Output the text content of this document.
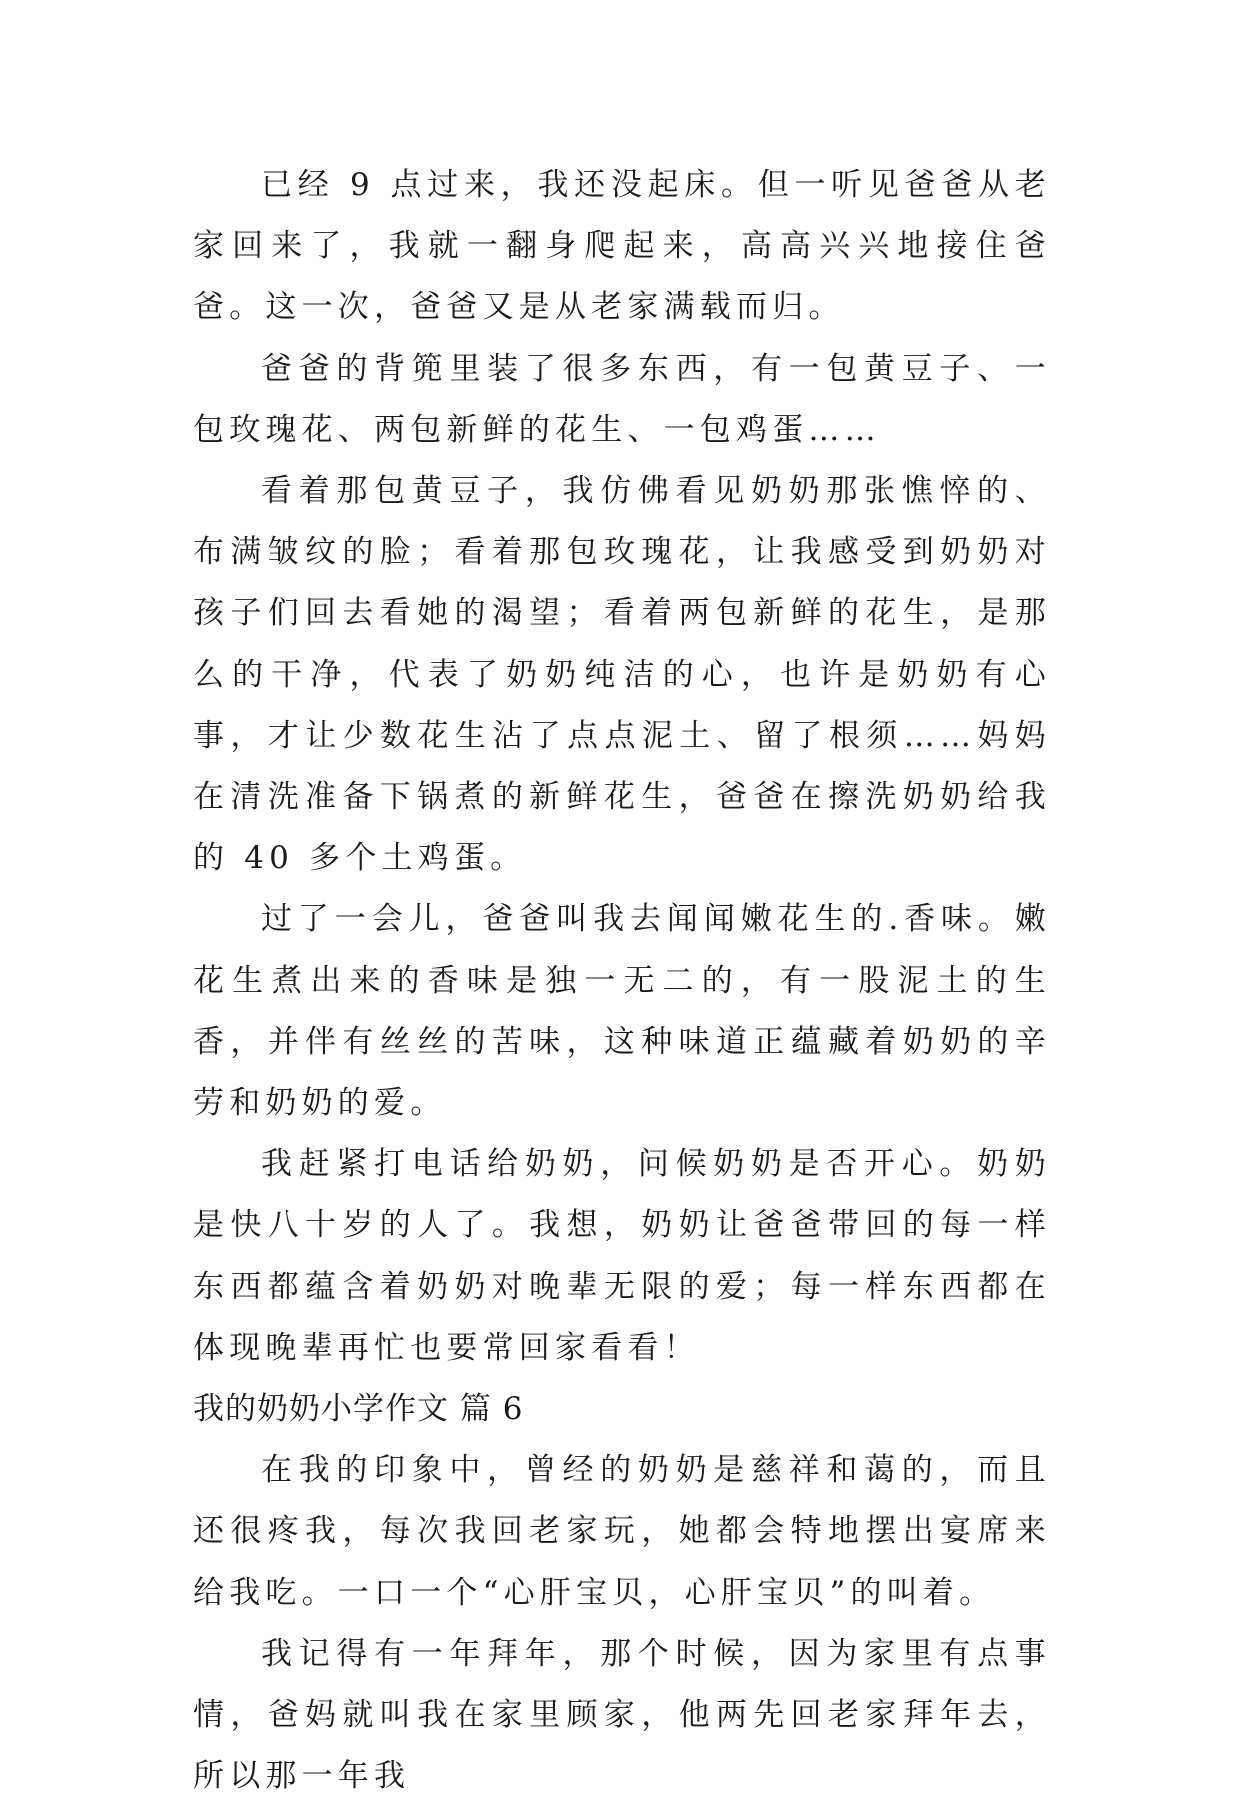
已经 9 点过来，我还没起床。但一听见爸爸从老家回来了，我就一翻身爬起来，高高兴兴地接住爸爸。这一次，爸爸又是从老家满载而归。

爸爸的背篼里装了很多东西，有一包黄豆子、一包玫瑰花、两包新鲜的花生、一包鸡蛋……

看着那包黄豆子，我仿佛看见奶奶那张憔悴的、布满皱纹的脸；看着那包玫瑰花，让我感受到奶奶对孩子们回去看她的渴望；看着两包新鲜的花生，是那么的干净，代表了奶奶纯洁的心，也许是奶奶有心事，才让少数花生沾了点点泥土、留了根须……妈妈在清洗准备下锅煮的新鲜花生，爸爸在擦洗奶奶给我的 40 多个土鸡蛋。

过了一会儿，爸爸叫我去闻闻嫩花生的.香味。嫩花生煮出来的香味是独一无二的，有一股泥土的生香，并伴有丝丝的苦味，这种味道正蕴藏着奶奶的辛劳和奶奶的爱。

我赶紧打电话给奶奶，问候奶奶是否开心。奶奶是快八十岁的人了。我想，奶奶让爸爸带回的每一样东西都蕴含着奶奶对晚辈无限的爱；每一样东西都在体现晚辈再忙也要常回家看看！

我的奶奶小学作文 篇 6

在我的印象中，曾经的奶奶是慈祥和蔼的，而且还很疼我，每次我回老家玩，她都会特地摆出宴席来给我吃。一口一个“心肝宝贝，心肝宝贝”的叫着。

我记得有一年拜年，那个时候，因为家里有点事情，爸妈就叫我在家里顾家，他两先回老家拜年去，所以那一年我
